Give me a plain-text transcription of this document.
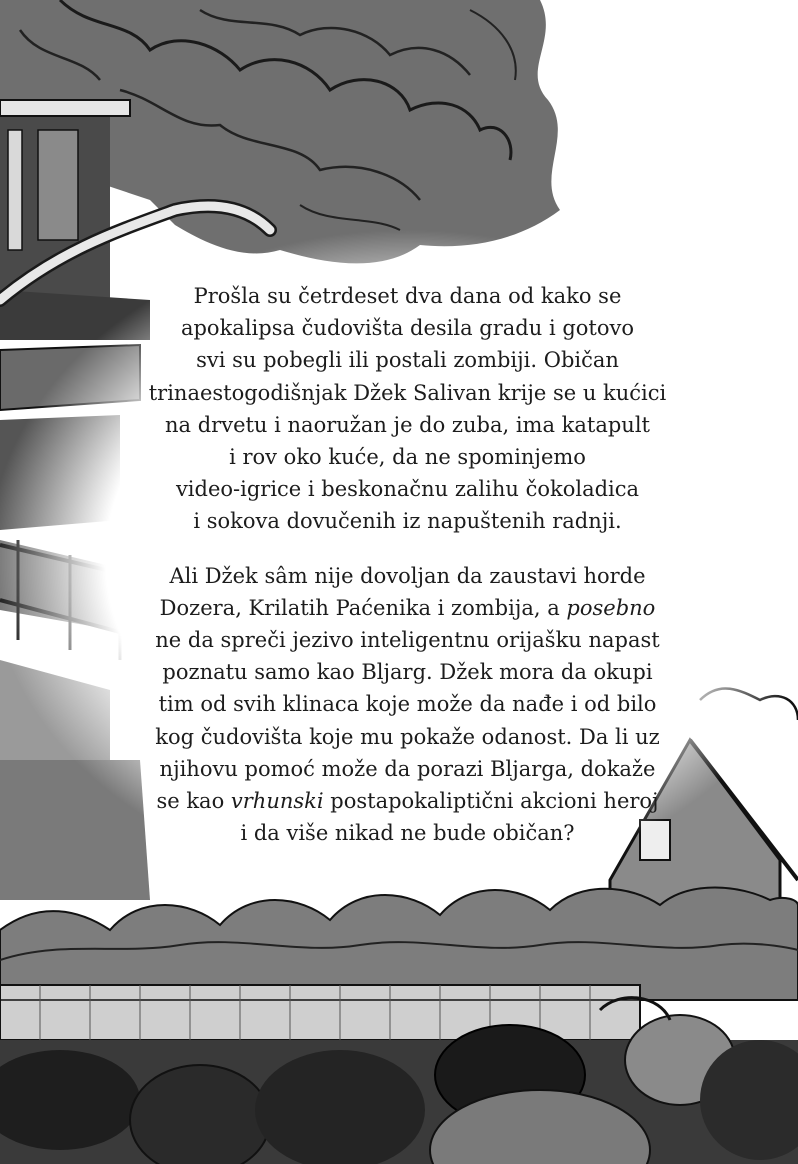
Prošla su četrdeset dva dana od kako se
apokalipsa čudovišta desila gradu i gotovo
svi su pobegli ili postali zombiji. Običan
trinaestogodišnjak Džek Salivan krije se u kućici
na drvetu i naoružan je do zuba, ima katapult
i rov oko kuće, da ne spominjemo
video-igrice i beskonačnu zalihu čokoladica
i sokova dovučenih iz napuštenih radnji.

Ali Džek sâm nije dovoljan da zaustavi horde
Dozera, Krilatih Paćenika i zombija, a posebno
ne da spreči jezivo inteligentnu orijašku napast
poznatu samo kao Bljarg. Džek mora da okupi
tim od svih klinaca koje može da nađe i od bilo
kog čudovišta koje mu pokaže odanost. Da li uz
njihovu pomoć može da porazi Bljarga, dokaže
se kao vrhunski postapokaliptični akcioni heroj
i da više nikad ne bude običan?
